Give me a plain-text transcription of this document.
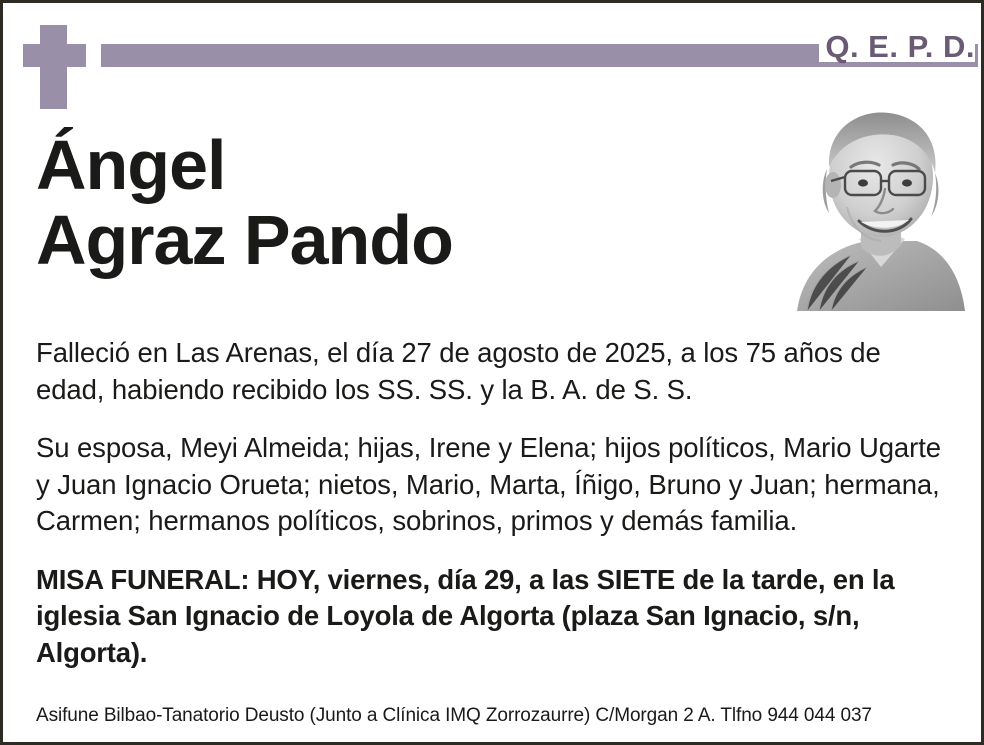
Q. E. P. D.
Ángel
Agraz Pando

Falleció en Las Arenas, el día 27 de agosto de 2025, a los 75 años de edad, habiendo recibido los SS. SS. y la B. A. de S. S.

Su esposa, Meyi Almeida; hijas, Irene y Elena; hijos políticos, Mario Ugarte y Juan Ignacio Orueta; nietos, Mario, Marta, Íñigo, Bruno y Juan; hermana, Carmen; hermanos políticos, sobrinos, primos y demás familia.

MISA FUNERAL: HOY, viernes, día 29, a las SIETE de la tarde, en la iglesia San Ignacio de Loyola de Algorta (plaza San Ignacio, s/n, Algorta).

Asifune Bilbao-Tanatorio Deusto (Junto a Clínica IMQ Zorrozaurre) C/Morgan 2 A. Tlfno 944 044 037
